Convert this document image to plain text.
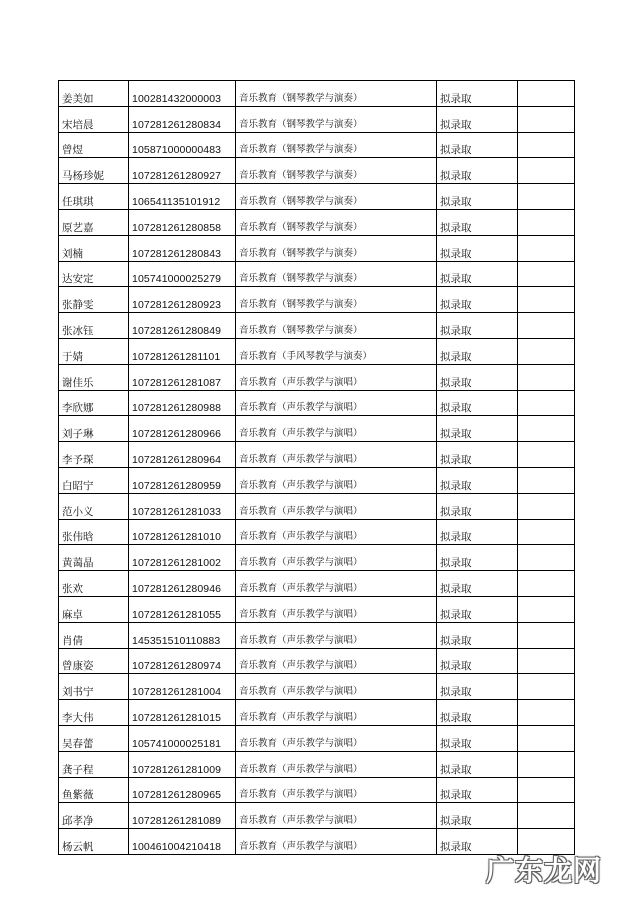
姜美如	100281432000003	音乐教育（钢琴教学与演奏）	拟录取	
宋培晨	107281261280834	音乐教育（钢琴教学与演奏）	拟录取	
曾煜	105871000000483	音乐教育（钢琴教学与演奏）	拟录取	
马杨珍妮	107281261280927	音乐教育（钢琴教学与演奏）	拟录取	
任琪琪	106541135101912	音乐教育（钢琴教学与演奏）	拟录取	
原艺嘉	107281261280858	音乐教育（钢琴教学与演奏）	拟录取	
刘楠	107281261280843	音乐教育（钢琴教学与演奏）	拟录取	
达安定	105741000025279	音乐教育（钢琴教学与演奏）	拟录取	
张静雯	107281261280923	音乐教育（钢琴教学与演奏）	拟录取	
张冰钰	107281261280849	音乐教育（钢琴教学与演奏）	拟录取	
于婧	107281261281101	音乐教育（手风琴教学与演奏）	拟录取	
谢佳乐	107281261281087	音乐教育（声乐教学与演唱）	拟录取	
李欣娜	107281261280988	音乐教育（声乐教学与演唱）	拟录取	
刘子琳	107281261280966	音乐教育（声乐教学与演唱）	拟录取	
李予琛	107281261280964	音乐教育（声乐教学与演唱）	拟录取	
白昭宁	107281261280959	音乐教育（声乐教学与演唱）	拟录取	
范小义	107281261281033	音乐教育（声乐教学与演唱）	拟录取	
张伟晗	107281261281010	音乐教育（声乐教学与演唱）	拟录取	
黄蔼晶	107281261281002	音乐教育（声乐教学与演唱）	拟录取	
张欢	107281261280946	音乐教育（声乐教学与演唱）	拟录取	
麻卓	107281261281055	音乐教育（声乐教学与演唱）	拟录取	
肖倩	145351510110883	音乐教育（声乐教学与演唱）	拟录取	
曾康姿	107281261280974	音乐教育（声乐教学与演唱）	拟录取	
刘书宁	107281261281004	音乐教育（声乐教学与演唱）	拟录取	
李大伟	107281261281015	音乐教育（声乐教学与演唱）	拟录取	
吴春蕾	105741000025181	音乐教育（声乐教学与演唱）	拟录取	
龚子程	107281261281009	音乐教育（声乐教学与演唱）	拟录取	
鱼紫薇	107281261280965	音乐教育（声乐教学与演唱）	拟录取	
邱孝净	107281261281089	音乐教育（声乐教学与演唱）	拟录取	
杨云帆	100461004210418	音乐教育（声乐教学与演唱）	拟录取	
广东龙网
